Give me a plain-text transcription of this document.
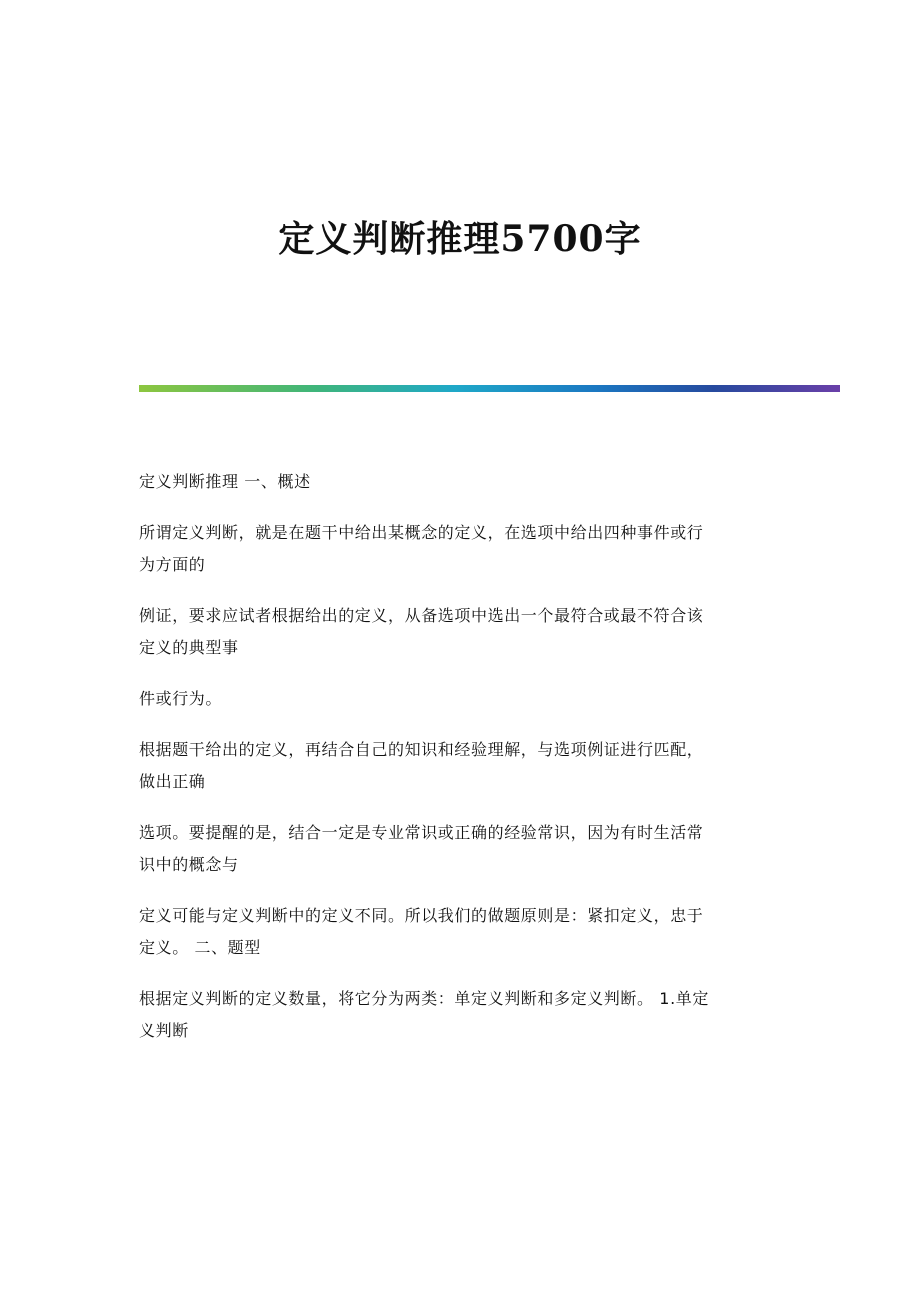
定义判断推理5700字

定义判断推理 一、概述

所谓定义判断，就是在题干中给出某概念的定义，在选项中给出四种事件或行
为方面的

例证，要求应试者根据给出的定义，从备选项中选出一个最符合或最不符合该
定义的典型事

件或行为。

根据题干给出的定义，再结合自己的知识和经验理解，与选项例证进行匹配，
做出正确

选项。要提醒的是，结合一定是专业常识或正确的经验常识，因为有时生活常
识中的概念与

定义可能与定义判断中的定义不同。所以我们的做题原则是：紧扣定义，忠于
定义。 二、题型

根据定义判断的定义数量，将它分为两类：单定义判断和多定义判断。 1.单定
义判断
